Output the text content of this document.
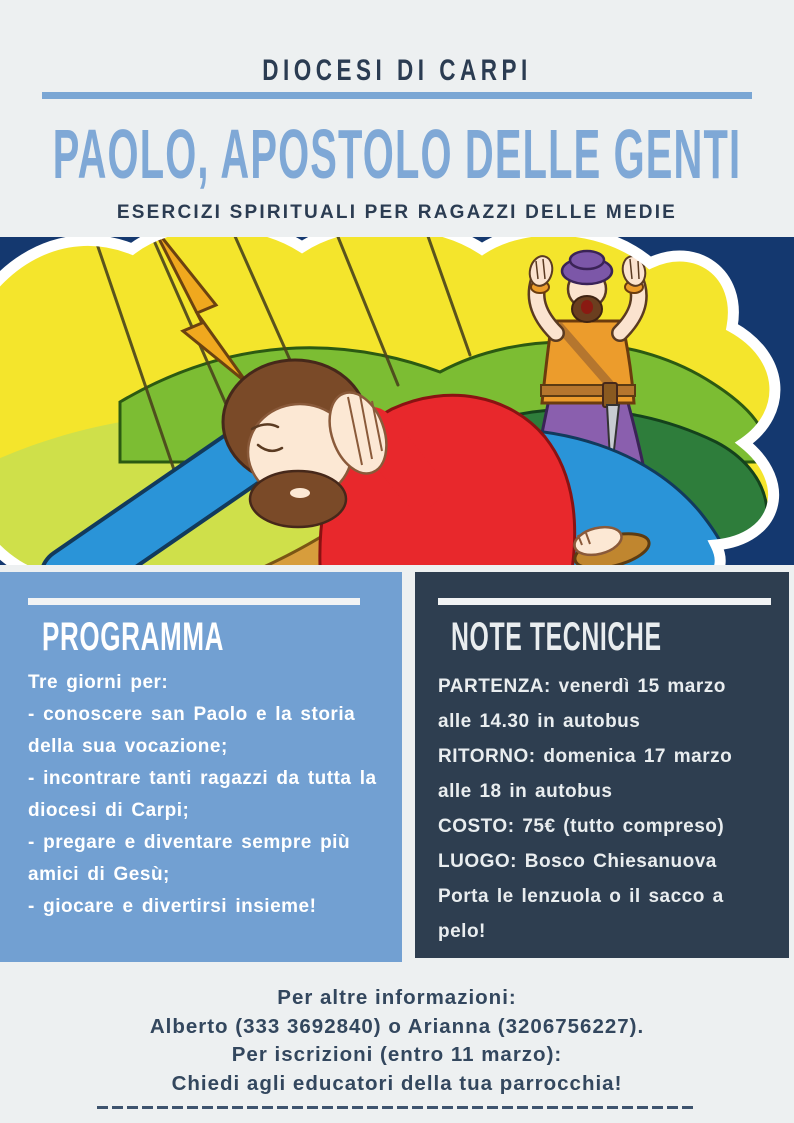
DIOCESI DI CARPI
PAOLO, APOSTOLO DELLE GENTI
ESERCIZI SPIRITUALI PER RAGAZZI DELLE MEDIE
PROGRAMMA

Tre giorni per:

- conoscere san Paolo e la storia della sua vocazione;

- incontrare tanti ragazzi da tutta la diocesi di Carpi;

- pregare e diventare sempre più amici di Gesù;

- giocare e divertirsi insieme!

NOTE TECNICHE

PARTENZA: venerdì 15 marzo alle 14.30 in autobus

RITORNO: domenica 17 marzo alle 18 in autobus

COSTO: 75€ (tutto compreso)

LUOGO: Bosco Chiesanuova

Porta le lenzuola o il sacco a pelo!

Per altre informazioni:

Alberto (333 3692840) o Arianna (3206756227).

Per iscrizioni (entro 11 marzo):

Chiedi agli educatori della tua parrocchia!
